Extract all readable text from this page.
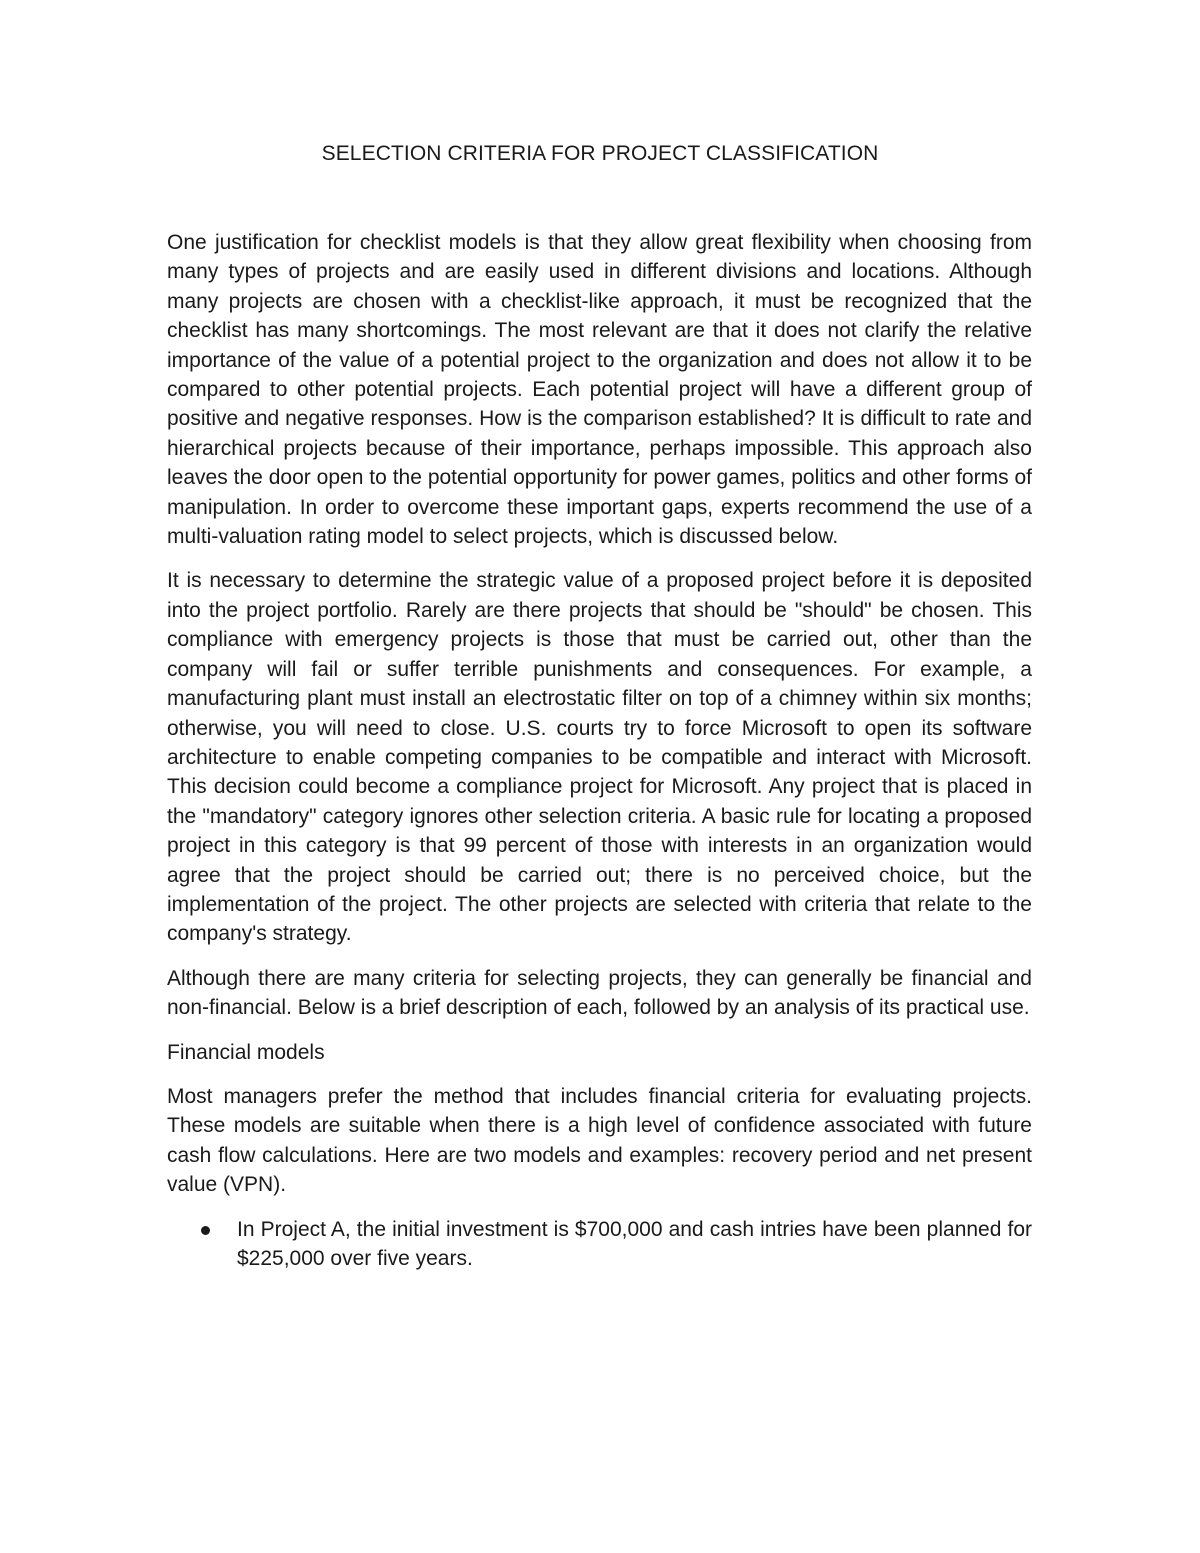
SELECTION CRITERIA FOR PROJECT CLASSIFICATION

One justification for checklist models is that they allow great flexibility when choosing from many types of projects and are easily used in different divisions and locations. Although many projects are chosen with a checklist-like approach, it must be recognized that the checklist has many shortcomings. The most relevant are that it does not clarify the relative importance of the value of a potential project to the organization and does not allow it to be compared to other potential projects. Each potential project will have a different group of positive and negative responses. How is the comparison established? It is difficult to rate and hierarchical projects because of their importance, perhaps impossible. This approach also leaves the door open to the potential opportunity for power games, politics and other forms of manipulation. In order to overcome these important gaps, experts recommend the use of a multi-valuation rating model to select projects, which is discussed below.

It is necessary to determine the strategic value of a proposed project before it is deposited into the project portfolio. Rarely are there projects that should be "should" be chosen. This compliance with emergency projects is those that must be carried out, other than the company will fail or suffer terrible punishments and consequences. For example, a manufacturing plant must install an electrostatic filter on top of a chimney within six months; otherwise, you will need to close. U.S. courts try to force Microsoft to open its software architecture to enable competing companies to be compatible and interact with Microsoft. This decision could become a compliance project for Microsoft. Any project that is placed in the "mandatory" category ignores other selection criteria. A basic rule for locating a proposed project in this category is that 99 percent of those with interests in an organization would agree that the project should be carried out; there is no perceived choice, but the implementation of the project. The other projects are selected with criteria that relate to the company's strategy.

Although there are many criteria for selecting projects, they can generally be financial and non-financial. Below is a brief description of each, followed by an analysis of its practical use.

Financial models

Most managers prefer the method that includes financial criteria for evaluating projects. These models are suitable when there is a high level of confidence associated with future cash flow calculations. Here are two models and examples: recovery period and net present value (VPN).

In Project A, the initial investment is $700,000 and cash intries have been planned for $225,000 over five years.
